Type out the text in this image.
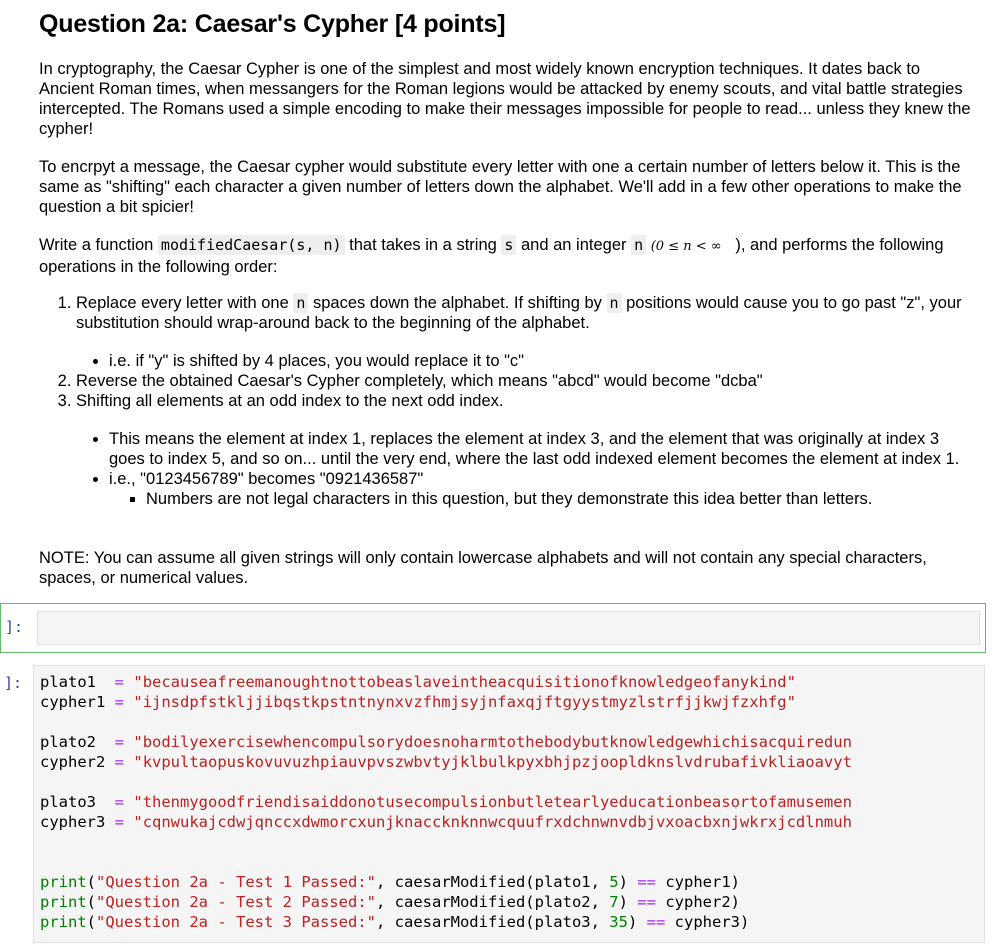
Question 2a: Caesar's Cypher [4 points]

In cryptography, the Caesar Cypher is one of the simplest and most widely known encryption techniques. It dates back to Ancient Roman times, when messangers for the Roman legions would be attacked by enemy scouts, and vital battle strategies intercepted. The Romans used a simple encoding to make their messages impossible for people to read... unless they knew the cypher!

To encrpyt a message, the Caesar cypher would substitute every letter with one a certain number of letters below it. This is the same as "shifting" each character a given number of letters down the alphabet. We'll add in a few other operations to make the question a bit spicier!

Write a function modifiedCaesar(s, n) that takes in a string s and an integer n (0 ≤ n < ∞ ), and performs the following operations in the following order:

1. Replace every letter with one n spaces down the alphabet. If shifting by n positions would cause you to go past "z", your substitution should wrap-around back to the beginning of the alphabet.
• i.e. if "y" is shifted by 4 places, you would replace it to "c"
2. Reverse the obtained Caesar's Cypher completely, which means "abcd" would become "dcba"
3. Shifting all elements at an odd index to the next odd index.
• This means the element at index 1, replaces the element at index 3, and the element that was originally at index 3 goes to index 5, and so on... until the very end, where the last odd indexed element becomes the element at index 1.
• i.e., "0123456789" becomes "0921436587"
▪ Numbers are not legal characters in this question, but they demonstrate this idea better than letters.

NOTE: You can assume all given strings will only contain lowercase alphabets and will not contain any special characters, spaces, or numerical values.

]:
]: plato1 = "becauseafreemanoughtnottobeaslaveintheacquisitionofknowledgeofanykind"
cypher1 = "ijnsdpfstkljjibqstkpstntnynxvzfhmjsyjnfaxqjftgyystmyzlstrfjjkwjfzxhfg"

plato2 = "bodilyexercisewhencompulsorydoesnoharmtothebodybutknowledgewhichisacquiredun
cypher2 = "kvpultaopuskovuvuzhpiauvpvszwbvtyjklbulkpyxbhjpzjoopldknslvdrubafivkliaoavyt

plato3 = "thenmygoodfriendisaiddonotusecompulsionbutletearlyeducationbeasortofamusemen
cypher3 = "cqnwukajcdwjqnccxdwmorcxunjknaccknknnwcquufrxdchnwnvdbjvxoacbxnjwkrxjcdlnmuh

print("Question 2a - Test 1 Passed:", caesarModified(plato1, 5) == cypher1)
print("Question 2a - Test 2 Passed:", caesarModified(plato2, 7) == cypher2)
print("Question 2a - Test 3 Passed:", caesarModified(plato3, 35) == cypher3)
